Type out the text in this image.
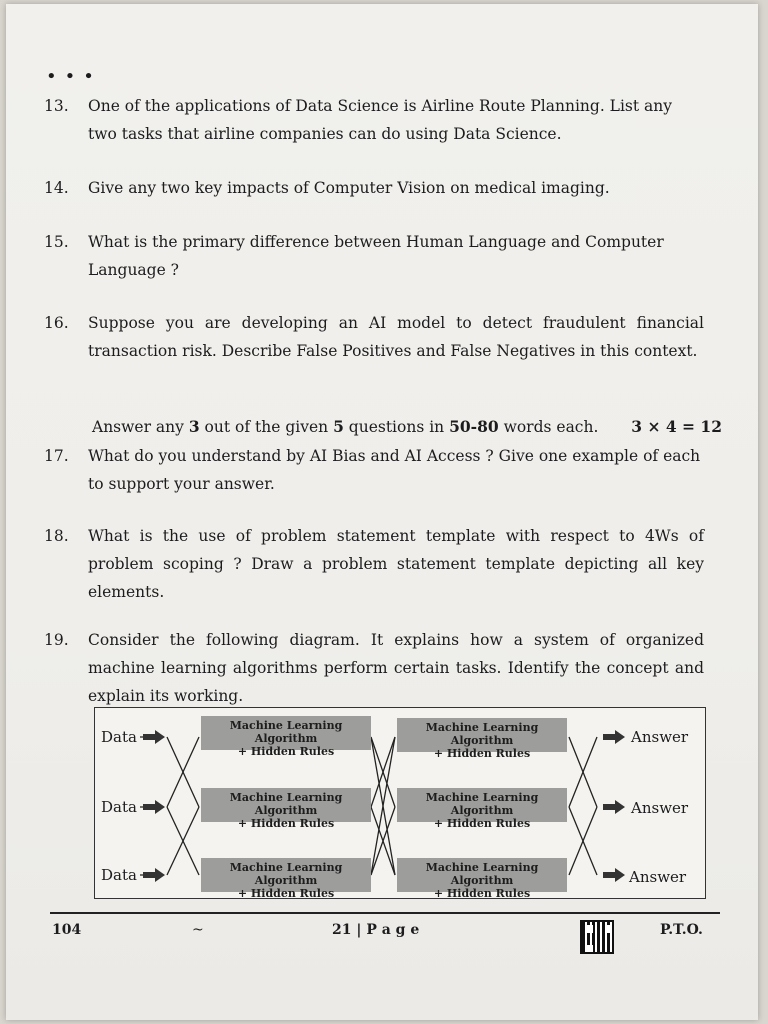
•••
13.	One of the applications of Data Science is Airline Route Planning. List any two tasks that airline companies can do using Data Science.
14.	Give any two key impacts of Computer Vision on medical imaging.
15.	What is the primary difference between Human Language and Computer Language ?
16.	Suppose you are developing an AI model to detect fraudulent financial transaction risk. Describe False Positives and False Negatives in this context.
Answer any 3 out of the given 5 questions in 50-80 words each. 3 × 4 = 12
17.	What do you understand by AI Bias and AI Access ? Give one example of each to support your answer.
18.	What is the use of problem statement template with respect to 4Ws of problem scoping ? Draw a problem statement template depicting all key elements.
19.	Consider the following diagram. It explains how a system of organized machine learning algorithms perform certain tasks. Identify the concept and explain its working.
Data
Data
Data
Machine Learning Algorithm
+ Hidden Rules
Machine Learning Algorithm
+ Hidden Rules
Machine Learning Algorithm
+ Hidden Rules
Machine Learning Algorithm
+ Hidden Rules
Machine Learning Algorithm
+ Hidden Rules
Machine Learning Algorithm
+ Hidden Rules
Answer
Answer
Answer
104	~	21 | P a g e	P.T.O.
